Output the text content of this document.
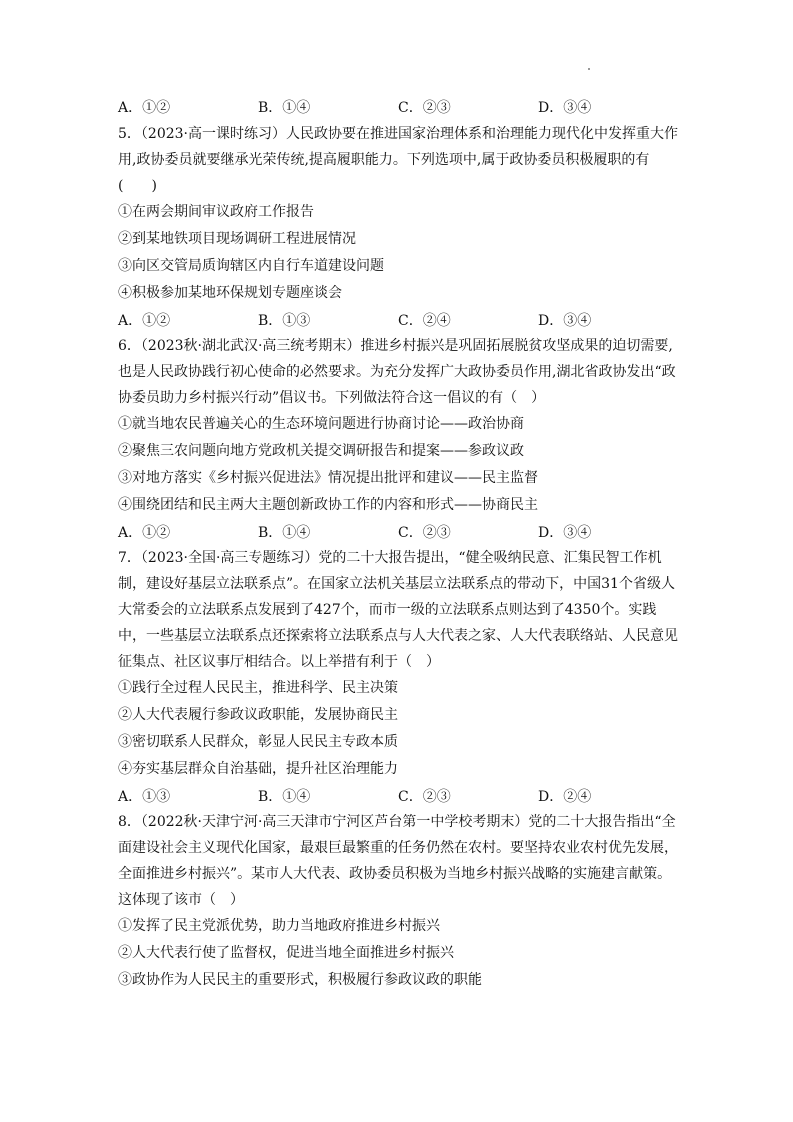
A．①②	B．①④	C．②③	D．③④

5．（2023·高一课时练习）人民政协要在推进国家治理体系和治理能力现代化中发挥重大作用,政协委员就要继承光荣传统,提高履职能力。下列选项中,属于政协委员积极履职的有

(　　)
①在两会期间审议政府工作报告
②到某地铁项目现场调研工程进展情况
③向区交管局质询辖区内自行车道建设问题
④积极参加某地环保规划专题座谈会
A．①②	B．①③	C．②④	D．③④

6．（2023秋·湖北武汉·高三统考期末）推进乡村振兴是巩固拓展脱贫攻坚成果的迫切需要,也是人民政协践行初心使命的必然要求。为充分发挥广大政协委员作用,湖北省政协发出“政协委员助力乡村振兴行动”倡议书。下列做法符合这一倡议的有（　）

①就当地农民普遍关心的生态环境问题进行协商讨论——政治协商
②聚焦三农问题向地方党政机关提交调研报告和提案——参政议政
③对地方落实《乡村振兴促进法》情况提出批评和建议——民主监督
④围绕团结和民主两大主题创新政协工作的内容和形式——协商民主
A．①②	B．①④	C．②③	D．③④

7．（2023·全国·高三专题练习）党的二十大报告提出，“健全吸纳民意、汇集民智工作机制，建设好基层立法联系点”。在国家立法机关基层立法联系点的带动下，中国31个省级人大常委会的立法联系点发展到了427个，而市一级的立法联系点则达到了4350个。实践中，一些基层立法联系点还探索将立法联系点与人大代表之家、人大代表联络站、人民意见征集点、社区议事厅相结合。以上举措有利于（　）

①践行全过程人民民主，推进科学、民主决策
②人大代表履行参政议政职能，发展协商民主
③密切联系人民群众，彰显人民民主专政本质
④夯实基层群众自治基础，提升社区治理能力
A．①③	B．①④	C．②③	D．②④

8．（2022秋·天津宁河·高三天津市宁河区芦台第一中学校考期末）党的二十大报告指出“全面建设社会主义现代化国家，最艰巨最繁重的任务仍然在农村。要坚持农业农村优先发展，全面推进乡村振兴”。某市人大代表、政协委员积极为当地乡村振兴战略的实施建言献策。这体现了该市（　）

①发挥了民主党派优势，助力当地政府推进乡村振兴
②人大代表行使了监督权，促进当地全面推进乡村振兴
③政协作为人民民主的重要形式，积极履行参政议政的职能
